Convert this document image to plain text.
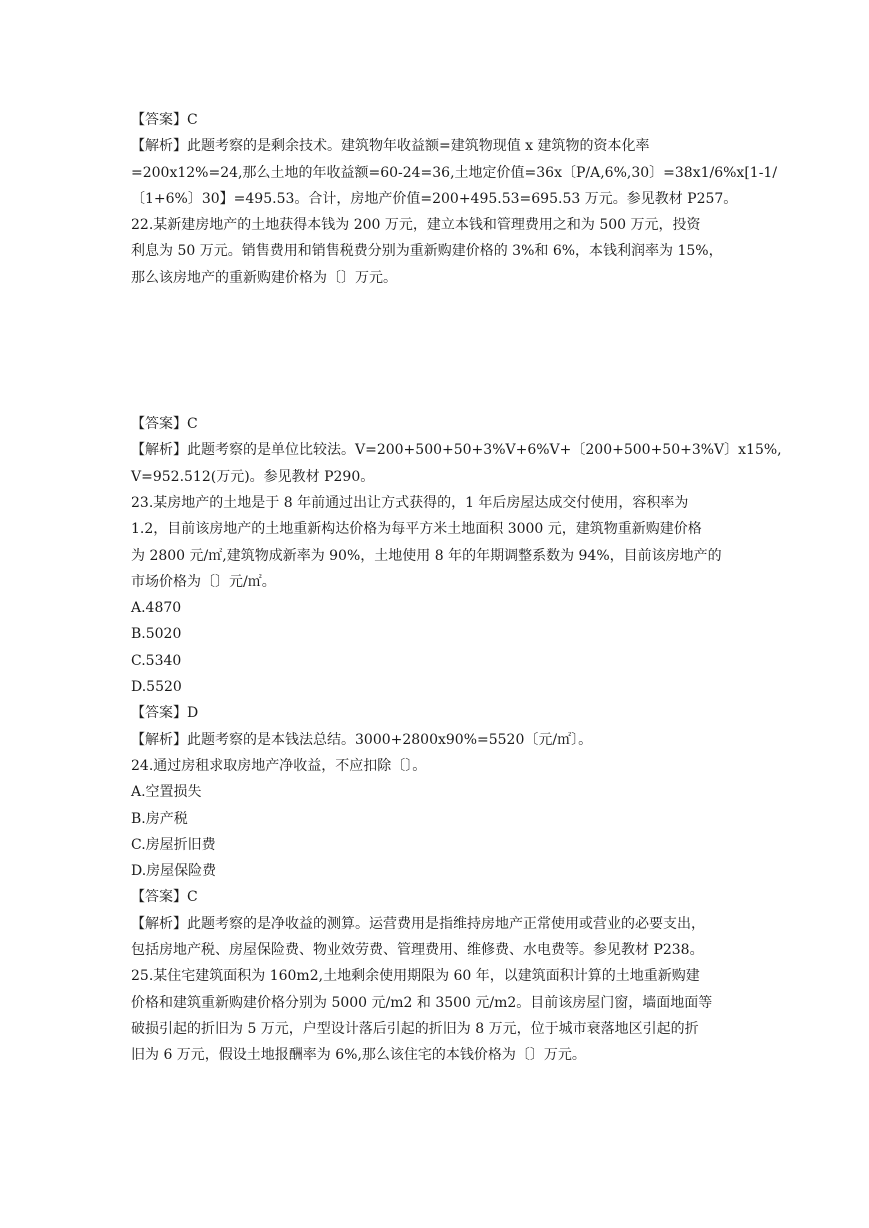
【答案】C
【解析】此题考察的是剩余技术。建筑物年收益额=建筑物现值 x 建筑物的资本化率
=200x12%=24,那么土地的年收益额=60-24=36,土地定价值=36x〔P/A,6%,30〕=38x1/6%x[1-1/
〔1+6%〕30】=495.53。合计，房地产价值=200+495.53=695.53 万元。参见教材 P257。
22.某新建房地产的土地获得本钱为 200 万元，建立本钱和管理费用之和为 500 万元，投资
利息为 50 万元。销售费用和销售税费分别为重新购建价格的 3%和 6%，本钱利润率为 15%，
那么该房地产的重新购建价格为〔〕万元。
【答案】C
【解析】此题考察的是单位比较法。V=200+500+50+3%V+6%V+〔200+500+50+3%V〕x15%,
V=952.512(万元)。参见教材 P290。
23.某房地产的土地是于 8 年前通过出让方式获得的，1 年后房屋达成交付使用，容积率为
1.2，目前该房地产的土地重新构达价格为每平方米土地面积 3000 元，建筑物重新购建价格
为 2800 元/㎡,建筑物成新率为 90%，土地使用 8 年的年期调整系数为 94%，目前该房地产的
市场价格为〔〕元/㎡。
A.4870
B.5020
C.5340
D.5520
【答案】D
【解析】此题考察的是本钱法总结。3000+2800x90%=5520〔元/㎡〕。
24.通过房租求取房地产净收益，不应扣除〔〕。
A.空置损失
B.房产税
C.房屋折旧费
D.房屋保险费
【答案】C
【解析】此题考察的是净收益的测算。运营费用是指维持房地产正常使用或营业的必要支出，
包括房地产税、房屋保险费、物业效劳费、管理费用、维修费、水电费等。参见教材 P238。
25.某住宅建筑面积为 160m2,土地剩余使用期限为 60 年，以建筑面积计算的土地重新购建
价格和建筑重新购建价格分别为 5000 元/m2 和 3500 元/m2。目前该房屋门窗，墙面地面等
破损引起的折旧为 5 万元，户型设计落后引起的折旧为 8 万元，位于城市衰落地区引起的折
旧为 6 万元，假设土地报酬率为 6%,那么该住宅的本钱价格为〔〕万元。
